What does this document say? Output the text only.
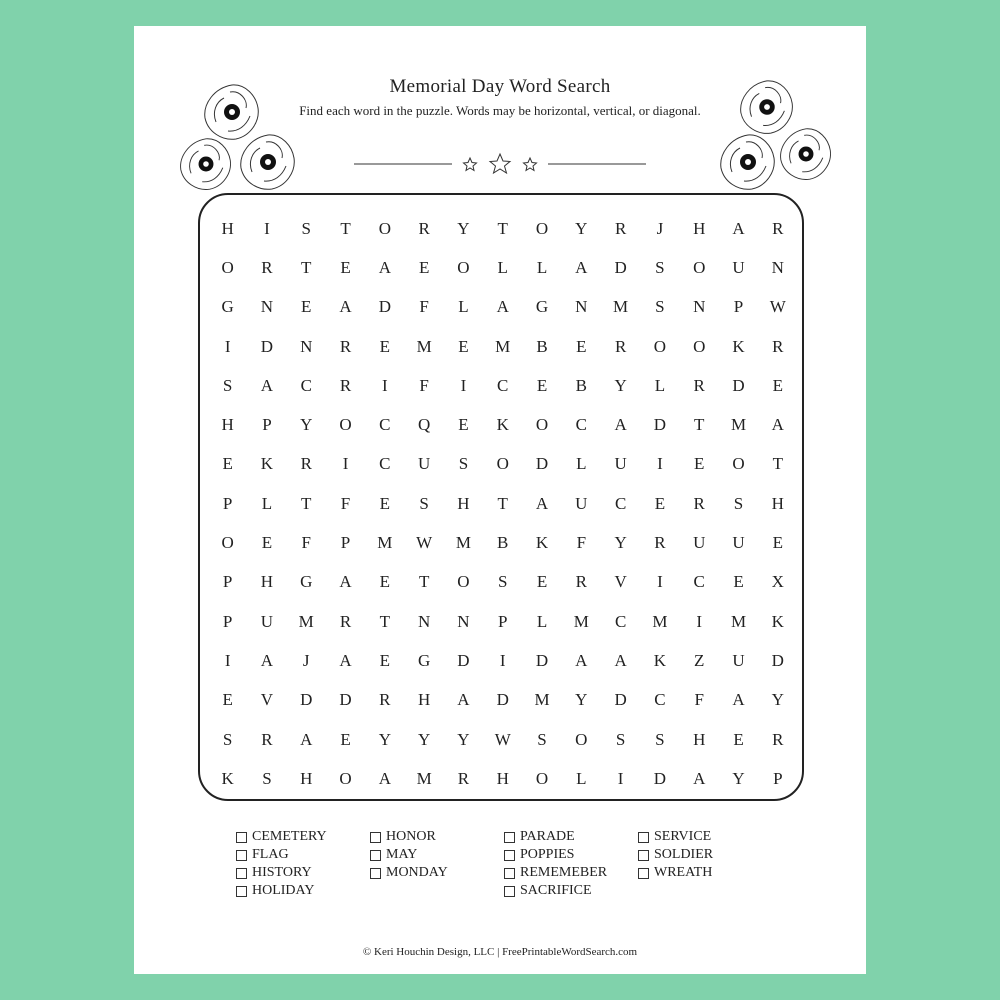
Memorial Day Word Search
Find each word in the puzzle. Words may be horizontal, vertical, or diagonal.
H	I	S	T	O	R	Y	T	O	Y	R	J	H	A	R
O	R	T	E	A	E	O	L	L	A	D	S	O	U	N
G	N	E	A	D	F	L	A	G	N	M	S	N	P	W
I	D	N	R	E	M	E	M	B	E	R	O	O	K	R
S	A	C	R	I	F	I	C	E	B	Y	L	R	D	E
H	P	Y	O	C	Q	E	K	O	C	A	D	T	M	A
E	K	R	I	C	U	S	O	D	L	U	I	E	O	T
P	L	T	F	E	S	H	T	A	U	C	E	R	S	H
O	E	F	P	M	W	M	B	K	F	Y	R	U	U	E
P	H	G	A	E	T	O	S	E	R	V	I	C	E	X
P	U	M	R	T	N	N	P	L	M	C	M	I	M	K
I	A	J	A	E	G	D	I	D	A	A	K	Z	U	D
E	V	D	D	R	H	A	D	M	Y	D	C	F	A	Y
S	R	A	E	Y	Y	Y	W	S	O	S	S	H	E	R
K	S	H	O	A	M	R	H	O	L	I	D	A	Y	P
CEMETERY
FLAG
HISTORY
HOLIDAY
HONOR
MAY
MONDAY
PARADE
POPPIES
REMEMEBER
SACRIFICE
SERVICE
SOLDIER
WREATH
© Keri Houchin Design, LLC | FreePrintableWordSearch.com
